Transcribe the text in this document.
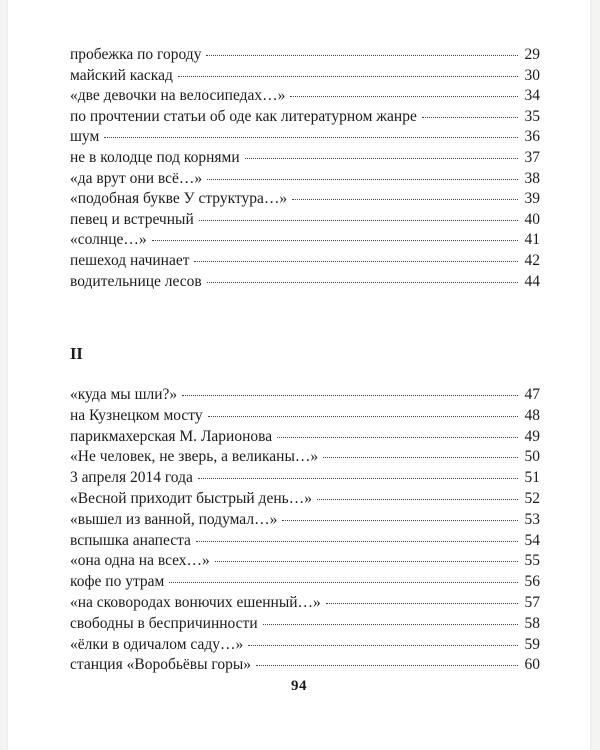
пробежка по городу	29
майский каскад	30
«две девочки на велосипедах…»	34
по прочтении статьи об оде как литературном жанре	35
шум	36
не в колодце под корнями	37
«да врут они всё…»	38
«подобная букве У структура…»	39
певец и встречный	40
«солнце…»	41
пешеход начинает	42
водительнице лесов	44
II
«куда мы шли?»	47
на Кузнецком мосту	48
парикмахерская М. Ларионова	49
«Не человек, не зверь, а великаны…»	50
3 апреля 2014 года	51
«Весной приходит быстрый день…»	52
«вышел из ванной, подумал…»	53
вспышка анапеста	54
«она одна на всех…»	55
кофе по утрам	56
«на сковородах вонючих ешенный…»	57
свободны в беспричинности	58
«ёлки в одичалом саду…»	59
станция «Воробьёвы горы»	60
94
